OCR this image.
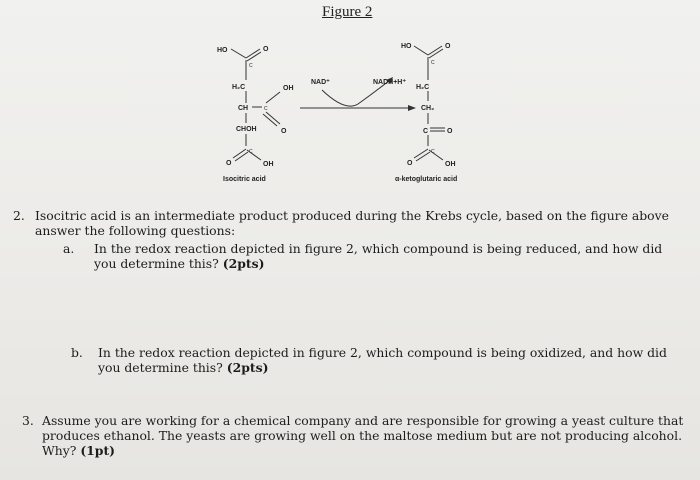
Figure 2
HO	O
C
H₂C
CH	C
OH
O
CHOH
C
O	OH
Isocitric acid
NAD⁺	NADH+H⁺
HO	O
C
H₂C
CH₂
C	O
C
O	OH
α-ketoglutaric acid
2. Isocitric acid is an intermediate product produced during the Krebs cycle, based on the figure above
answer the following questions:
a. In the redox reaction depicted in figure 2, which compound is being reduced, and how did
you determine this? (2pts)
b. In the redox reaction depicted in figure 2, which compound is being oxidized, and how did
you determine this? (2pts)
3. Assume you are working for a chemical company and are responsible for growing a yeast culture that
produces ethanol. The yeasts are growing well on the maltose medium but are not producing alcohol.
Why? (1pt)
